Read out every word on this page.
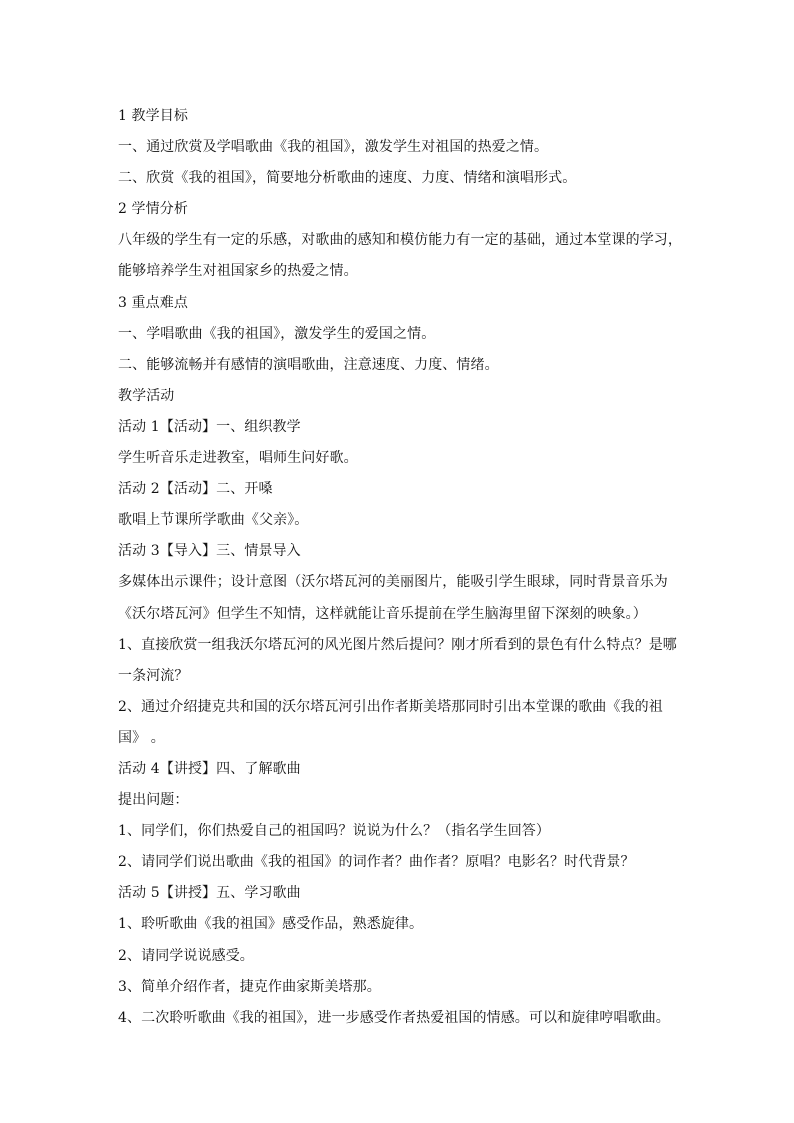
1 教学目标

一、通过欣赏及学唱歌曲《我的祖国》，激发学生对祖国的热爱之情。

二、欣赏《我的祖国》，简要地分析歌曲的速度、力度、情绪和演唱形式。

2 学情分析

八年级的学生有一定的乐感，对歌曲的感知和模仿能力有一定的基础，通过本堂课的学习，

能够培养学生对祖国家乡的热爱之情。

3 重点难点

一、学唱歌曲《我的祖国》，激发学生的爱国之情。

二、能够流畅并有感情的演唱歌曲，注意速度、力度、情绪。

教学活动

活动 1【活动】一、组织教学

学生听音乐走进教室，唱师生问好歌。

活动 2【活动】二、开嗓

歌唱上节课所学歌曲《父亲》。

活动 3【导入】三、情景导入

多媒体出示课件；设计意图（沃尔塔瓦河的美丽图片，能吸引学生眼球，同时背景音乐为

《沃尔塔瓦河》但学生不知情，这样就能让音乐提前在学生脑海里留下深刻的映象。）

1、直接欣赏一组我沃尔塔瓦河的风光图片然后提问？刚才所看到的景色有什么特点？是哪

一条河流？

2、通过介绍捷克共和国的沃尔塔瓦河引出作者斯美塔那同时引出本堂课的歌曲《我的祖

国》 。

活动 4【讲授】四、了解歌曲

提出问题：

1、同学们，你们热爱自己的祖国吗？说说为什么？（指名学生回答）

2、请同学们说出歌曲《我的祖国》的词作者？曲作者？原唱？电影名？时代背景？

活动 5【讲授】五、学习歌曲

1、聆听歌曲《我的祖国》感受作品，熟悉旋律。

2、请同学说说感受。

3、简单介绍作者，捷克作曲家斯美塔那。

4、二次聆听歌曲《我的祖国》，进一步感受作者热爱祖国的情感。可以和旋律哼唱歌曲。
